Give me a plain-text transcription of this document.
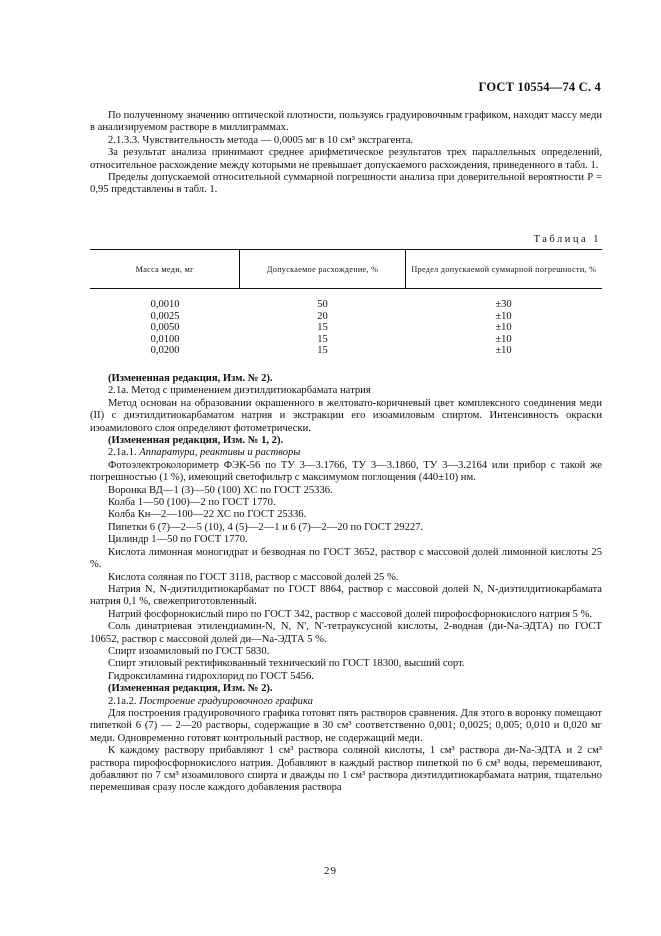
ГОСТ 10554—74 С. 4

По полученному значению оптической плотности, пользуясь градуировочным графиком, находят массу меди в анализируемом растворе в миллиграммах.

2.1.3.3. Чувствительность метода — 0,0005 мг в 10 см³ экстрагента.

За результат анализа принимают среднее арифметическое результатов трех параллельных определений, относительное расхождение между которыми не превышает допускаемого расхождения, приведенного в табл. 1.

Пределы допускаемой относительной суммарной погрешности анализа при доверительной вероятности P = 0,95 представлены в табл. 1.

Таблица 1
Масса меди, мг	Допускаемое расхождение, %	Предел допускаемой суммарной погрешности, %
0,0010	50	±30
0,0025	20	±10
0,0050	15	±10
0,0100	15	±10
0,0200	15	±10

(Измененная редакция, Изм. № 2).

2.1а. Метод с применением диэтилдитиокарбамата натрия

Метод основан на образовании окрашенного в желтовато-коричневый цвет комплексного соединения меди (II) с диэтилдитиокарбаматом натрия и экстракции его изоамиловым спиртом. Интенсивность окраски изоамилового слоя определяют фотометрически.

(Измененная редакция, Изм. № 1, 2).

2.1а.1. Аппаратура, реактивы и растворы

Фотоэлектроколориметр ФЭК-56 по ТУ 3—3.1766, ТУ 3—3.1860, ТУ 3—3.2164 или прибор с такой же погрешностью (1 %), имеющий светофильтр с максимумом поглощения (440±10) нм.

Воронка ВД—1 (3)—50 (100) ХС по ГОСТ 25336.

Колба 1—50 (100)—2 по ГОСТ 1770.

Колба Кн—2—100—22 ХС по ГОСТ 25336.

Пипетки 6 (7)—2—5 (10), 4 (5)—2—1 и 6 (7)—2—20 по ГОСТ 29227.

Цилиндр 1—50 по ГОСТ 1770.

Кислота лимонная моногидрат и безводная по ГОСТ 3652, раствор с массовой долей лимонной кислоты 25 %.

Кислота соляная по ГОСТ 3118, раствор с массовой долей 25 %.

Натрия N, N-диэтилдитиокарбамат по ГОСТ 8864, раствор с массовой долей N, N-диэтилдитиокарбамата натрия 0,1 %, свежеприготовленный.

Натрий фосфорнокислый пиро по ГОСТ 342, раствор с массовой долей пирофосфорнокислого натрия 5 %.

Соль динатриевая этилендиамин-N, N, N', N'-тетрауксусной кислоты, 2-водная (ди-Na-ЭДТА) по ГОСТ 10652, раствор с массовой долей ди—Na-ЭДТА 5 %.

Спирт изоамиловый по ГОСТ 5830.

Спирт этиловый ректификованный технический по ГОСТ 18300, высший сорт.

Гидроксиламина гидрохлорид по ГОСТ 5456.

(Измененная редакция, Изм. № 2).

2.1а.2. Построение градуировочного графика

Для построения градуировочного графика готовят пять растворов сравнения. Для этого в воронку помещают пипеткой 6 (7) — 2—20 растворы, содержащие в 30 см³ соответственно 0,001; 0,0025; 0,005; 0,010 и 0,020 мг меди. Одновременно готовят контрольный раствор, не содержащий меди.

К каждому раствору прибавляют 1 см³ раствора соляной кислоты, 1 см³ раствора ди-Na-ЭДТА и 2 см³ раствора пирофосфорнокислого натрия. Добавляют в каждый раствор пипеткой по 6 см³ воды, перемешивают, добавляют по 7 см³ изоамилового спирта и дважды по 1 см³ раствора диэтилдитиокарбамата натрия, тщательно перемешивая сразу после каждого добавления раствора

29
